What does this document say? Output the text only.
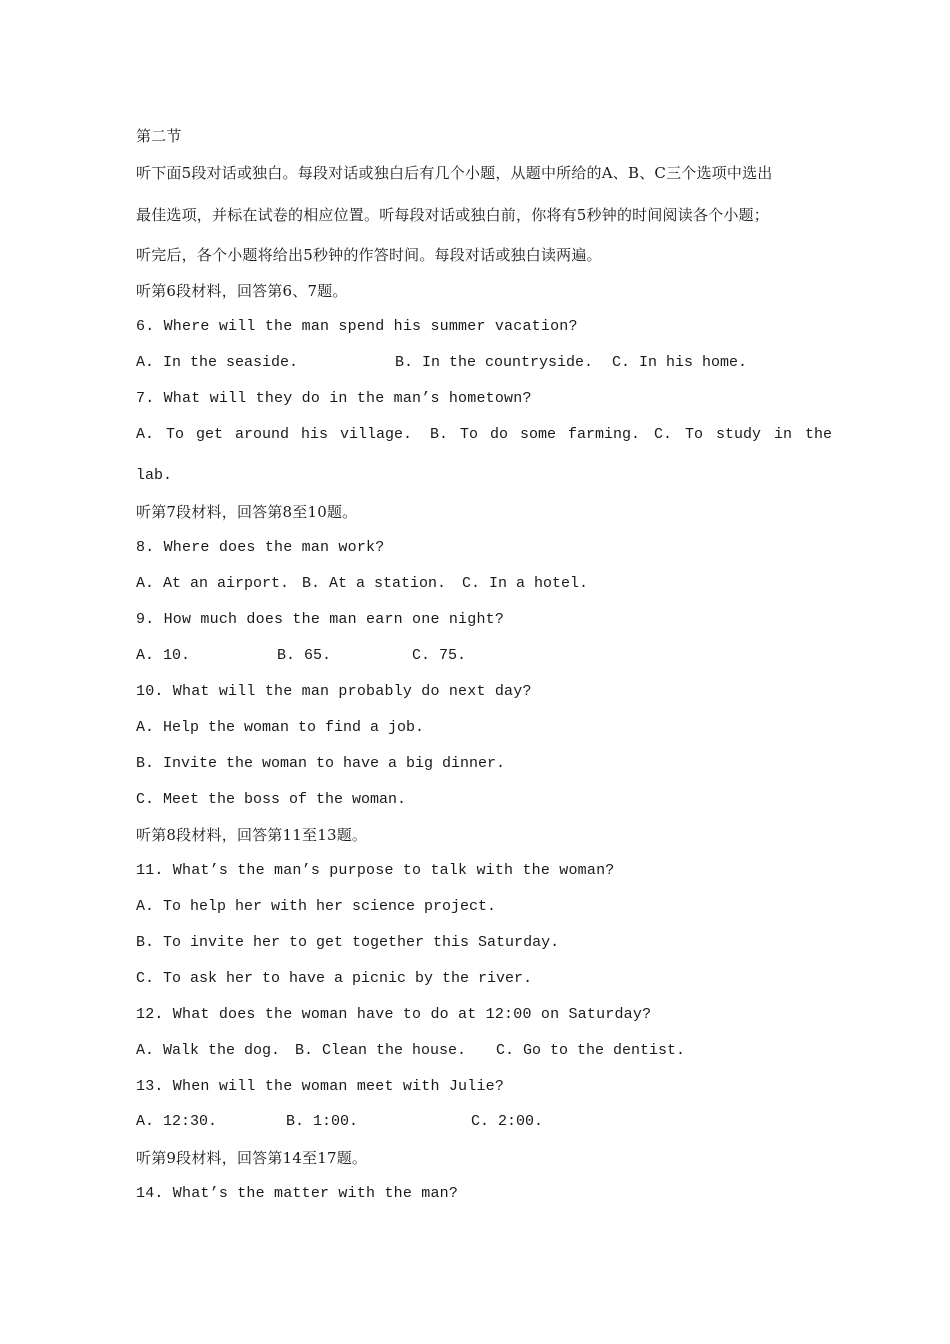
第二节
听下面5段对话或独白。每段对话或独白后有几个小题，从题中所给的A、B、C三个选项中选出
最佳选项，并标在试卷的相应位置。听每段对话或独白前，你将有5秒钟的时间阅读各个小题；
听完后，各个小题将给出5秒钟的作答时间。每段对话或独白读两遍。
听第6段材料，回答第6、7题。
6. Where will the man spend his summer vacation?
A. In the seaside.	B. In the countryside. C. In his home.
7. What will they do in the man’s hometown?
A. To get around his village. B. To do some farming. C. To study in the
lab.
听第7段材料，回答第8至10题。
8. Where does the man work?
A. At an airport. B. At a station. C. In a hotel.
9. How much does the man earn one night?
A. 10.	B. 65.	C. 75.
10. What will the man probably do next day?
A. Help the woman to find a job.
B. Invite the woman to have a big dinner.
C. Meet the boss of the woman.
听第8段材料，回答第11至13题。
11. What’s the man’s purpose to talk with the woman?
A. To help her with her science project.
B. To invite her to get together this Saturday.
C. To ask her to have a picnic by the river.
12. What does the woman have to do at 12:00 on Saturday?
A. Walk the dog. B. Clean the house. C. Go to the dentist.
13. When will the woman meet with Julie?
A. 12:30.	B. 1:00.	C. 2:00.
听第9段材料，回答第14至17题。
14. What’s the matter with the man?
